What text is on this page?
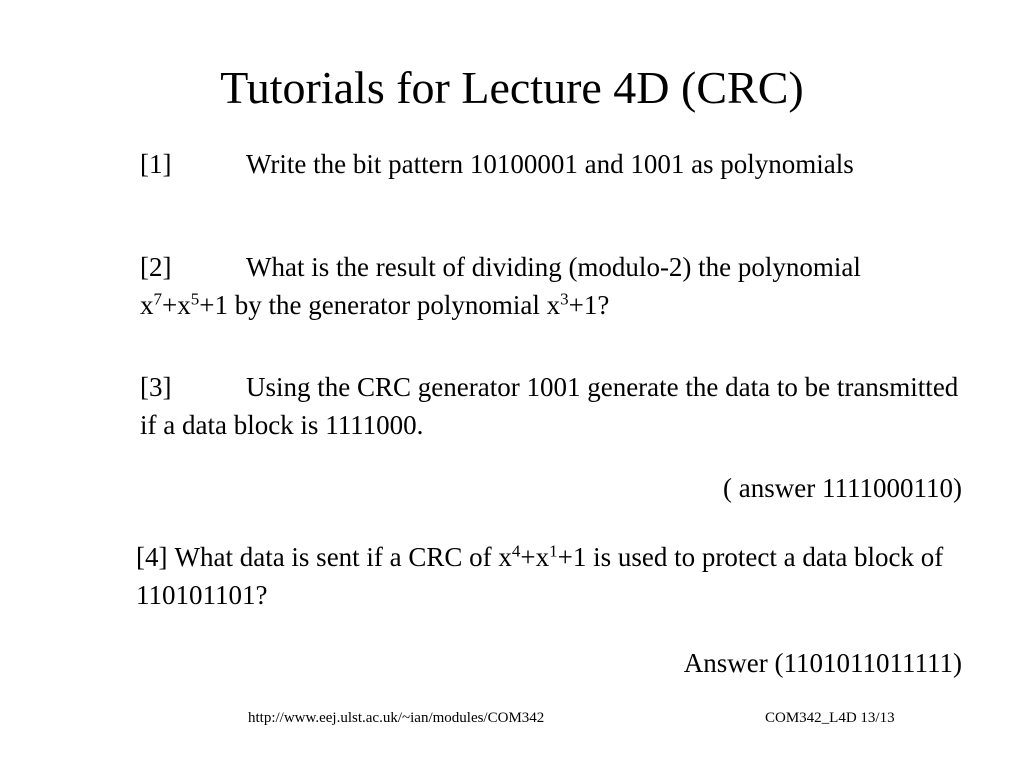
Tutorials for Lecture 4D (CRC)
[1]	Write the bit pattern 10100001 and 1001 as polynomials
[2]	What is the result of dividing (modulo-2) the polynomial $x^7+x^5+1$ by the generator polynomial $x^3+1$?
[3]	Using the CRC generator 1001 generate the data to be transmitted if a data block is 1111000.
( answer 1111000110)
[4] What data is sent if a CRC of $x^4+x^1+1$ is used to protect a data block of 110101101?
Answer (1101011011111)
http://www.eej.ulst.ac.uk/~ian/modules/COM342	COM342_L4D 13/13
